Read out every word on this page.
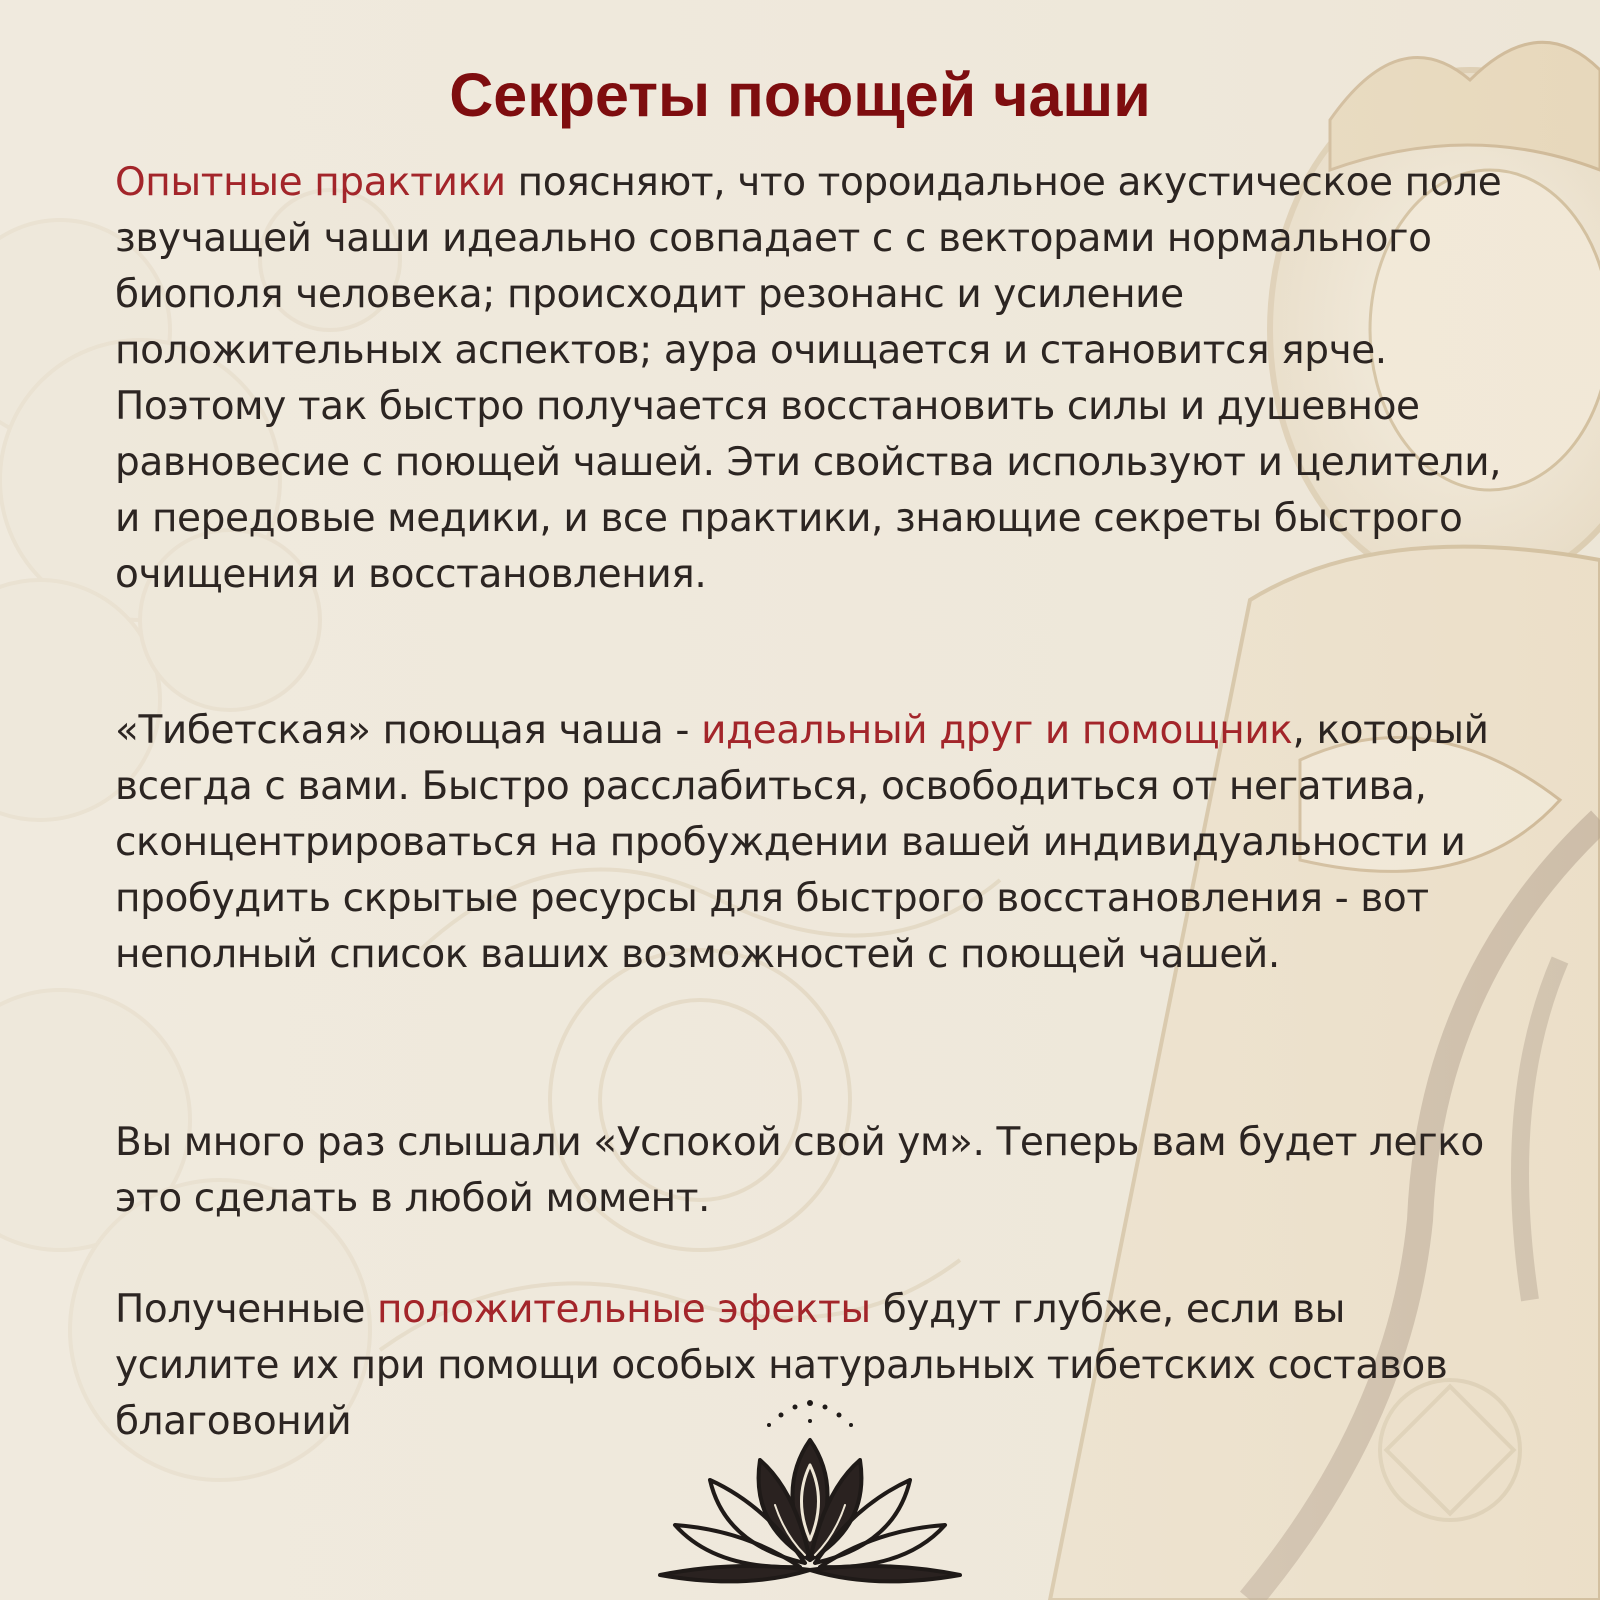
Секреты поющей чаши

Опытные практики поясняют, что тороидальное акустическое поле звучащей чаши идеально совпадает с с векторами нормального биополя человека; происходит резонанс и усиление положительных аспектов; аура очищается и становится ярче. Поэтому так быстро получается восстановить силы и душевное равновесие с поющей чашей. Эти свойства используют и целители, и передовые медики, и все практики, знающие секреты быстрого очищения и восстановления.

«Тибетская» поющая чаша - идеальный друг и помощник, который всегда с вами. Быстро расслабиться, освободиться от негатива, сконцентрироваться на пробуждении вашей индивидуальности и пробудить скрытые ресурсы для быстрого восстановления - вот неполный список ваших возможностей с поющей чашей.

Вы много раз слышали «Успокой свой ум». Теперь вам будет легко это сделать в любой момент.

Полученные положительные эфекты будут глубже, если вы усилите их при помощи особых натуральных тибетских составов благовоний
